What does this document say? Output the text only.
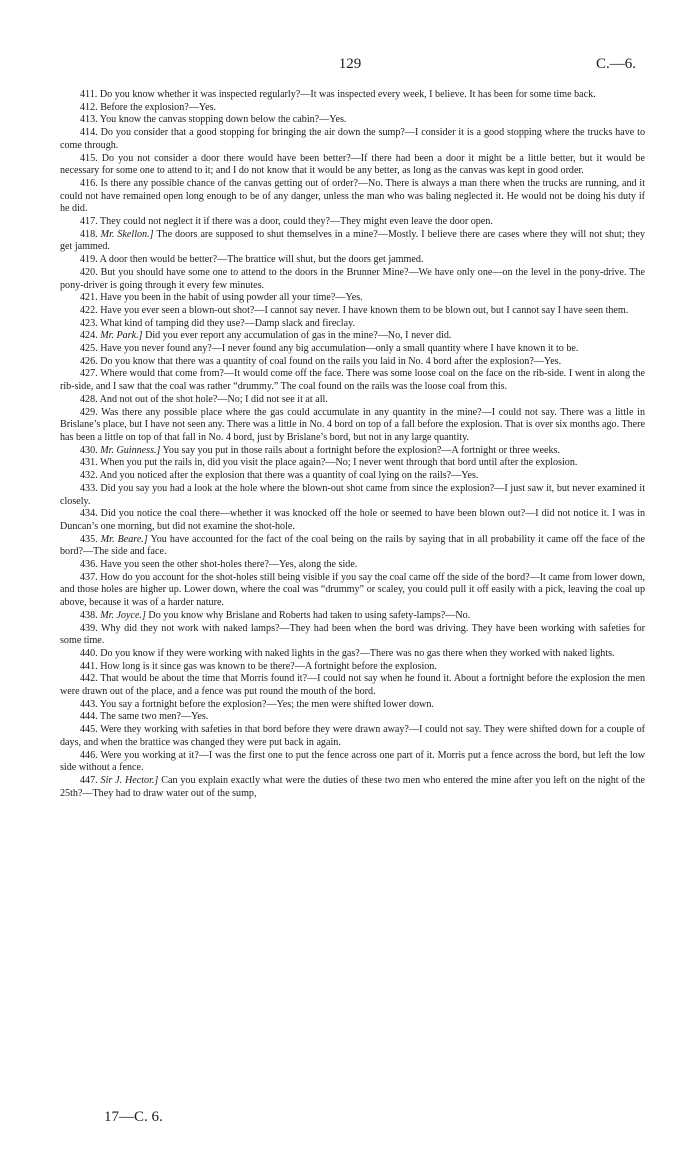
129	C.—6.

411. Do you know whether it was inspected regularly?—It was inspected every week, I believe. It has been for some time back.

412. Before the explosion?—Yes.

413. You know the canvas stopping down below the cabin?—Yes.

414. Do you consider that a good stopping for bringing the air down the sump?—I consider it is a good stopping where the trucks have to come through.

415. Do you not consider a door there would have been better?—If there had been a door it might be a little better, but it would be necessary for some one to attend to it; and I do not know that it would be any better, as long as the canvas was kept in good order.

416. Is there any possible chance of the canvas getting out of order?—No. There is always a man there when the trucks are running, and it could not have remained open long enough to be of any danger, unless the man who was baling neglected it. He would not be doing his duty if he did.

417. They could not neglect it if there was a door, could they?—They might even leave the door open.

418. Mr. Skellon.] The doors are supposed to shut themselves in a mine?—Mostly. I believe there are cases where they will not shut; they get jammed.

419. A door then would be better?—The brattice will shut, but the doors get jammed.

420. But you should have some one to attend to the doors in the Brunner Mine?—We have only one—on the level in the pony-drive. The pony-driver is going through it every few minutes.

421. Have you been in the habit of using powder all your time?—Yes.

422. Have you ever seen a blown-out shot?—I cannot say never. I have known them to be blown out, but I cannot say I have seen them.

423. What kind of tamping did they use?—Damp slack and fireclay.

424. Mr. Park.] Did you ever report any accumulation of gas in the mine?—No, I never did.

425. Have you never found any?—I never found any big accumulation—only a small quantity where I have known it to be.

426. Do you know that there was a quantity of coal found on the rails you laid in No. 4 bord after the explosion?—Yes.

427. Where would that come from?—It would come off the face. There was some loose coal on the face on the rib-side. I went in along the rib-side, and I saw that the coal was rather “drummy.” The coal found on the rails was the loose coal from this.

428. And not out of the shot hole?—No; I did not see it at all.

429. Was there any possible place where the gas could accumulate in any quantity in the mine?—I could not say. There was a little in Brislane’s place, but I have not seen any. There was a little in No. 4 bord on top of a fall before the explosion. That is over six months ago. There has been a little on top of that fall in No. 4 bord, just by Brislane’s bord, but not in any large quantity.

430. Mr. Guinness.] You say you put in those rails about a fortnight before the explosion?—A fortnight or three weeks.

431. When you put the rails in, did you visit the place again?—No; I never went through that bord until after the explosion.

432. And you noticed after the explosion that there was a quantity of coal lying on the rails?—Yes.

433. Did you say you had a look at the hole where the blown-out shot came from since the explosion?—I just saw it, but never examined it closely.

434. Did you notice the coal there—whether it was knocked off the hole or seemed to have been blown out?—I did not notice it. I was in Duncan’s one morning, but did not examine the shot-hole.

435. Mr. Beare.] You have accounted for the fact of the coal being on the rails by saying that in all probability it came off the face of the bord?—The side and face.

436. Have you seen the other shot-holes there?—Yes, along the side.

437. How do you account for the shot-holes still being visible if you say the coal came off the side of the bord?—It came from lower down, and those holes are higher up. Lower down, where the coal was “drummy” or scaley, you could pull it off easily with a pick, leaving the coal up above, because it was of a harder nature.

438. Mr. Joyce.] Do you know why Brislane and Roberts had taken to using safety-lamps?—No.

439. Why did they not work with naked lamps?—They had been when the bord was driving. They have been working with safeties for some time.

440. Do you know if they were working with naked lights in the gas?—There was no gas there when they worked with naked lights.

441. How long is it since gas was known to be there?—A fortnight before the explosion.

442. That would be about the time that Morris found it?—I could not say when he found it. About a fortnight before the explosion the men were drawn out of the place, and a fence was put round the mouth of the bord.

443. You say a fortnight before the explosion?—Yes; the men were shifted lower down.

444. The same two men?—Yes.

445. Were they working with safeties in that bord before they were drawn away?—I could not say. They were shifted down for a couple of days, and when the brattice was changed they were put back in again.

446. Were you working at it?—I was the first one to put the fence across one part of it. Morris put a fence across the bord, but left the low side without a fence.

447. Sir J. Hector.] Can you explain exactly what were the duties of these two men who entered the mine after you left on the night of the 25th?—They had to draw water out of the sump,

17—C. 6.
